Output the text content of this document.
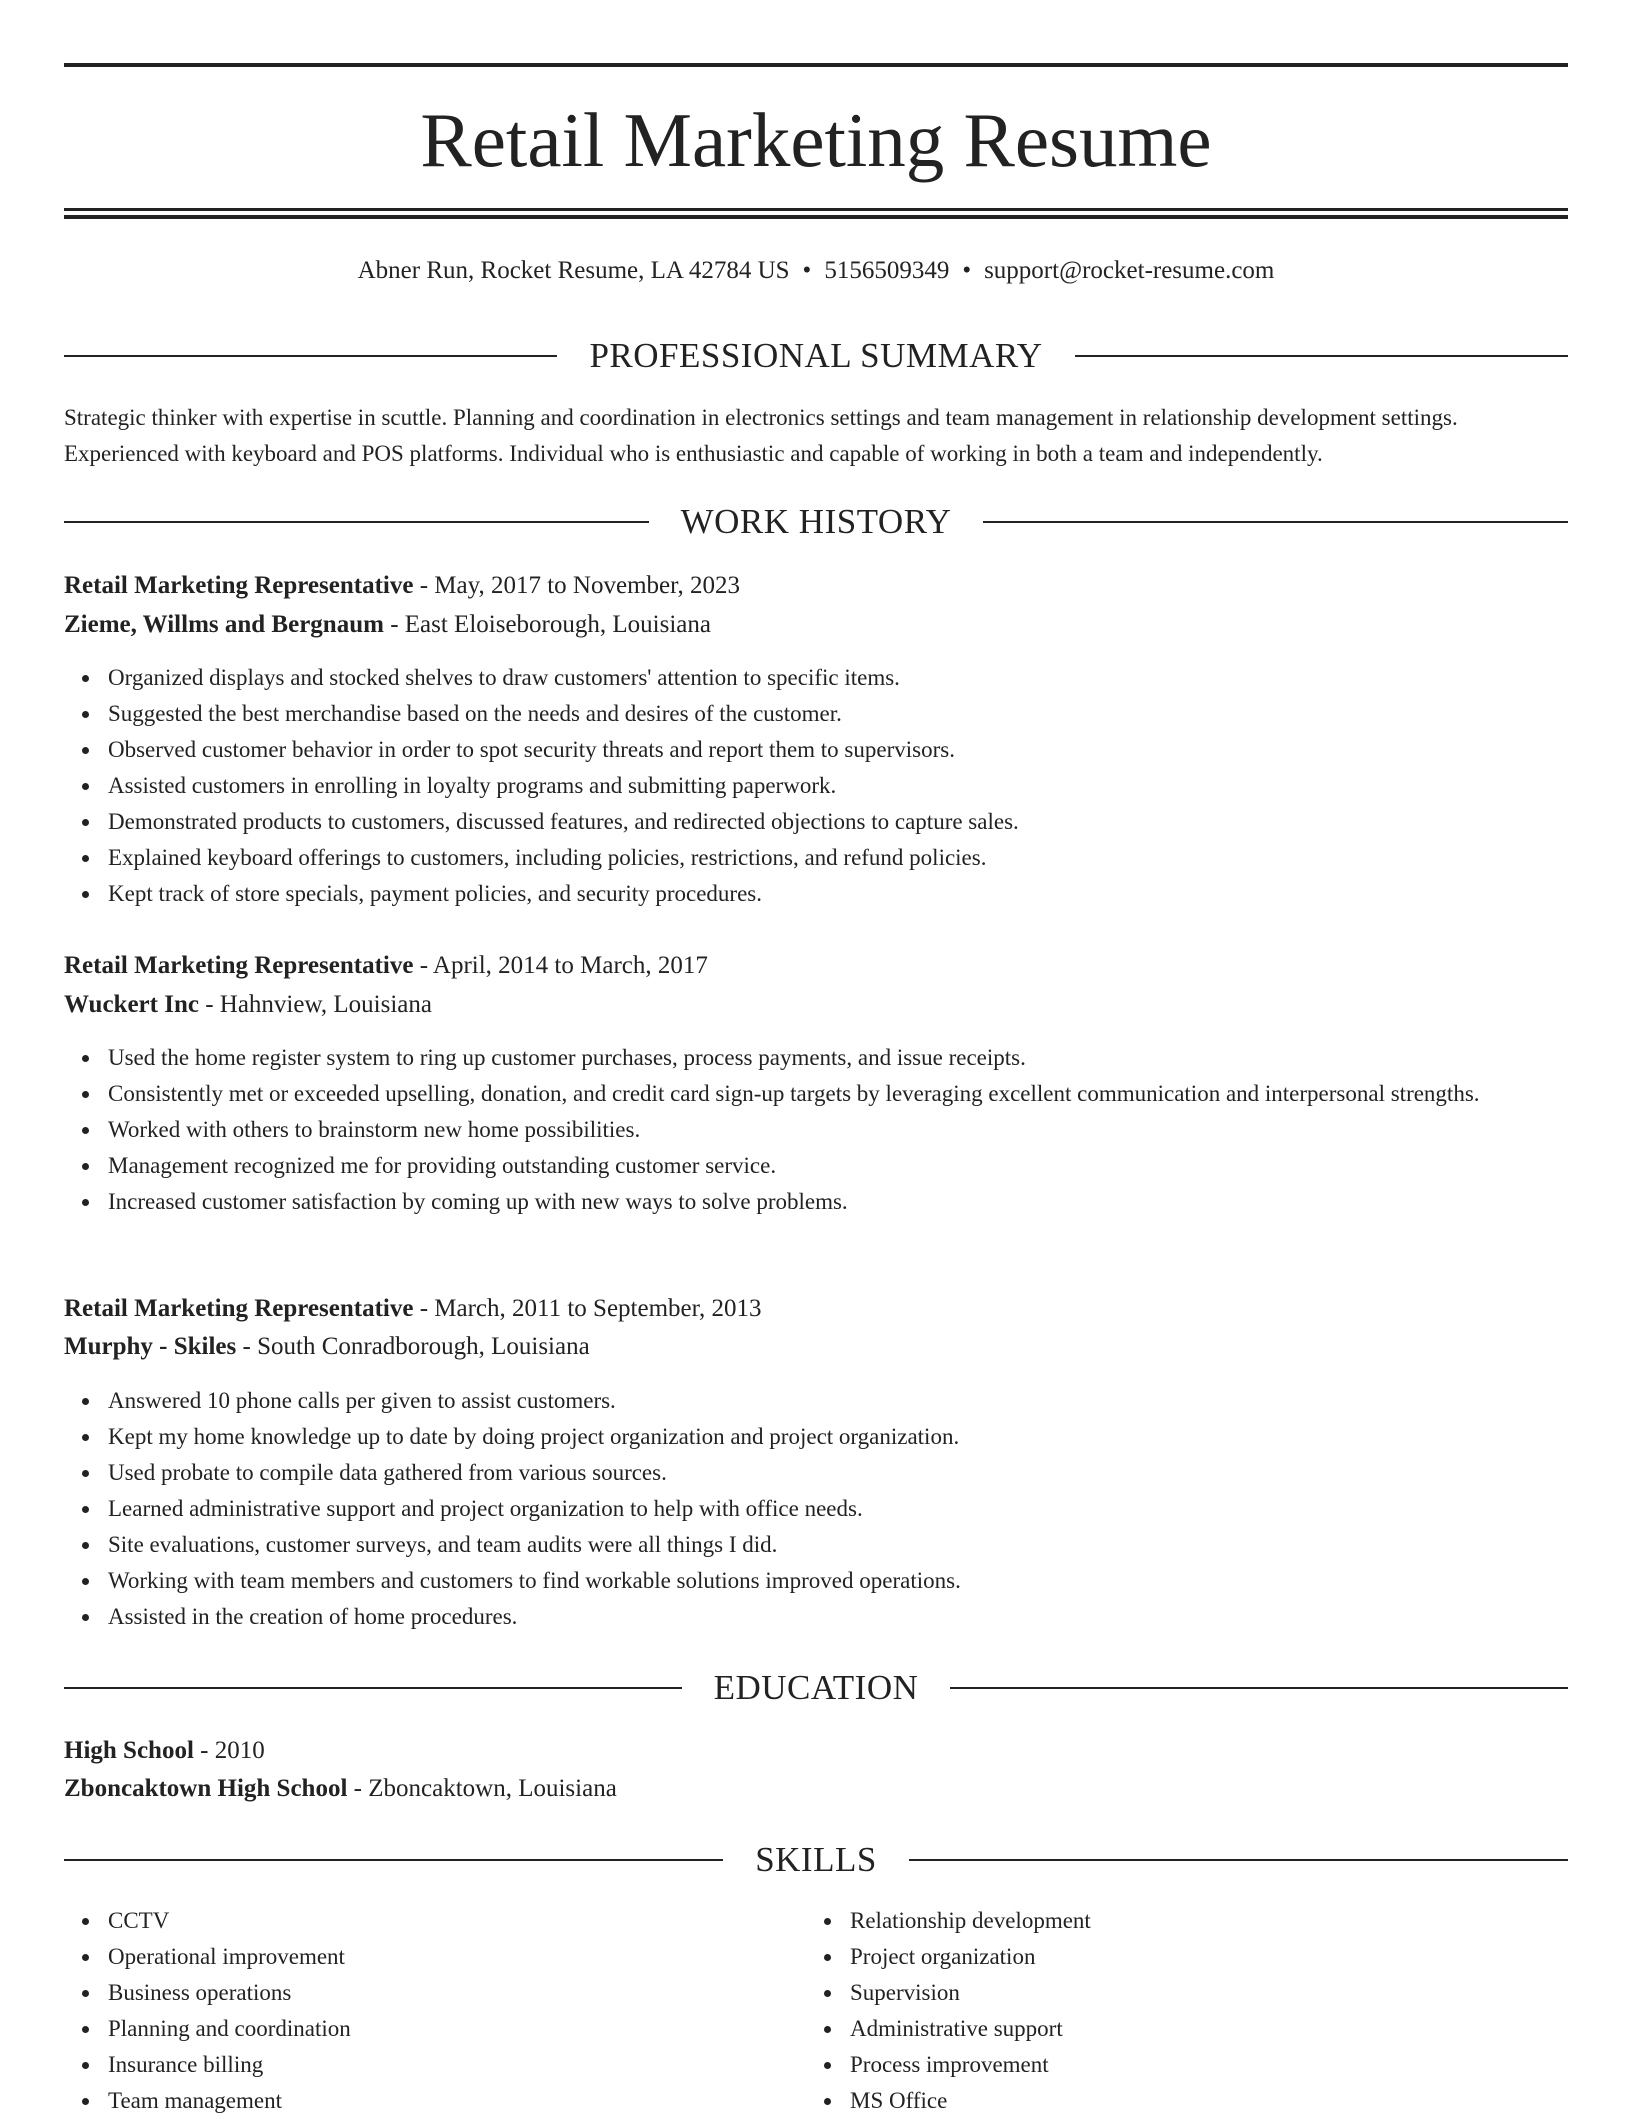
Retail Marketing Resume
Abner Run, Rocket Resume, LA 42784 US • 5156509349 • support@rocket-resume.com
PROFESSIONAL SUMMARY
Strategic thinker with expertise in scuttle. Planning and coordination in electronics settings and team management in relationship development settings. Experienced with keyboard and POS platforms. Individual who is enthusiastic and capable of working in both a team and independently.
WORK HISTORY
Retail Marketing Representative - May, 2017 to November, 2023
Zieme, Willms and Bergnaum - East Eloiseborough, Louisiana
Organized displays and stocked shelves to draw customers' attention to specific items.
Suggested the best merchandise based on the needs and desires of the customer.
Observed customer behavior in order to spot security threats and report them to supervisors.
Assisted customers in enrolling in loyalty programs and submitting paperwork.
Demonstrated products to customers, discussed features, and redirected objections to capture sales.
Explained keyboard offerings to customers, including policies, restrictions, and refund policies.
Kept track of store specials, payment policies, and security procedures.
Retail Marketing Representative - April, 2014 to March, 2017
Wuckert Inc - Hahnview, Louisiana
Used the home register system to ring up customer purchases, process payments, and issue receipts.
Consistently met or exceeded upselling, donation, and credit card sign-up targets by leveraging excellent communication and interpersonal strengths.
Worked with others to brainstorm new home possibilities.
Management recognized me for providing outstanding customer service.
Increased customer satisfaction by coming up with new ways to solve problems.
Retail Marketing Representative - March, 2011 to September, 2013
Murphy - Skiles - South Conradborough, Louisiana
Answered 10 phone calls per given to assist customers.
Kept my home knowledge up to date by doing project organization and project organization.
Used probate to compile data gathered from various sources.
Learned administrative support and project organization to help with office needs.
Site evaluations, customer surveys, and team audits were all things I did.
Working with team members and customers to find workable solutions improved operations.
Assisted in the creation of home procedures.
EDUCATION
High School - 2010
Zboncaktown High School - Zboncaktown, Louisiana
SKILLS
CCTV
Operational improvement
Business operations
Planning and coordination
Insurance billing
Team management
Relationship development
Project organization
Supervision
Administrative support
Process improvement
MS Office
